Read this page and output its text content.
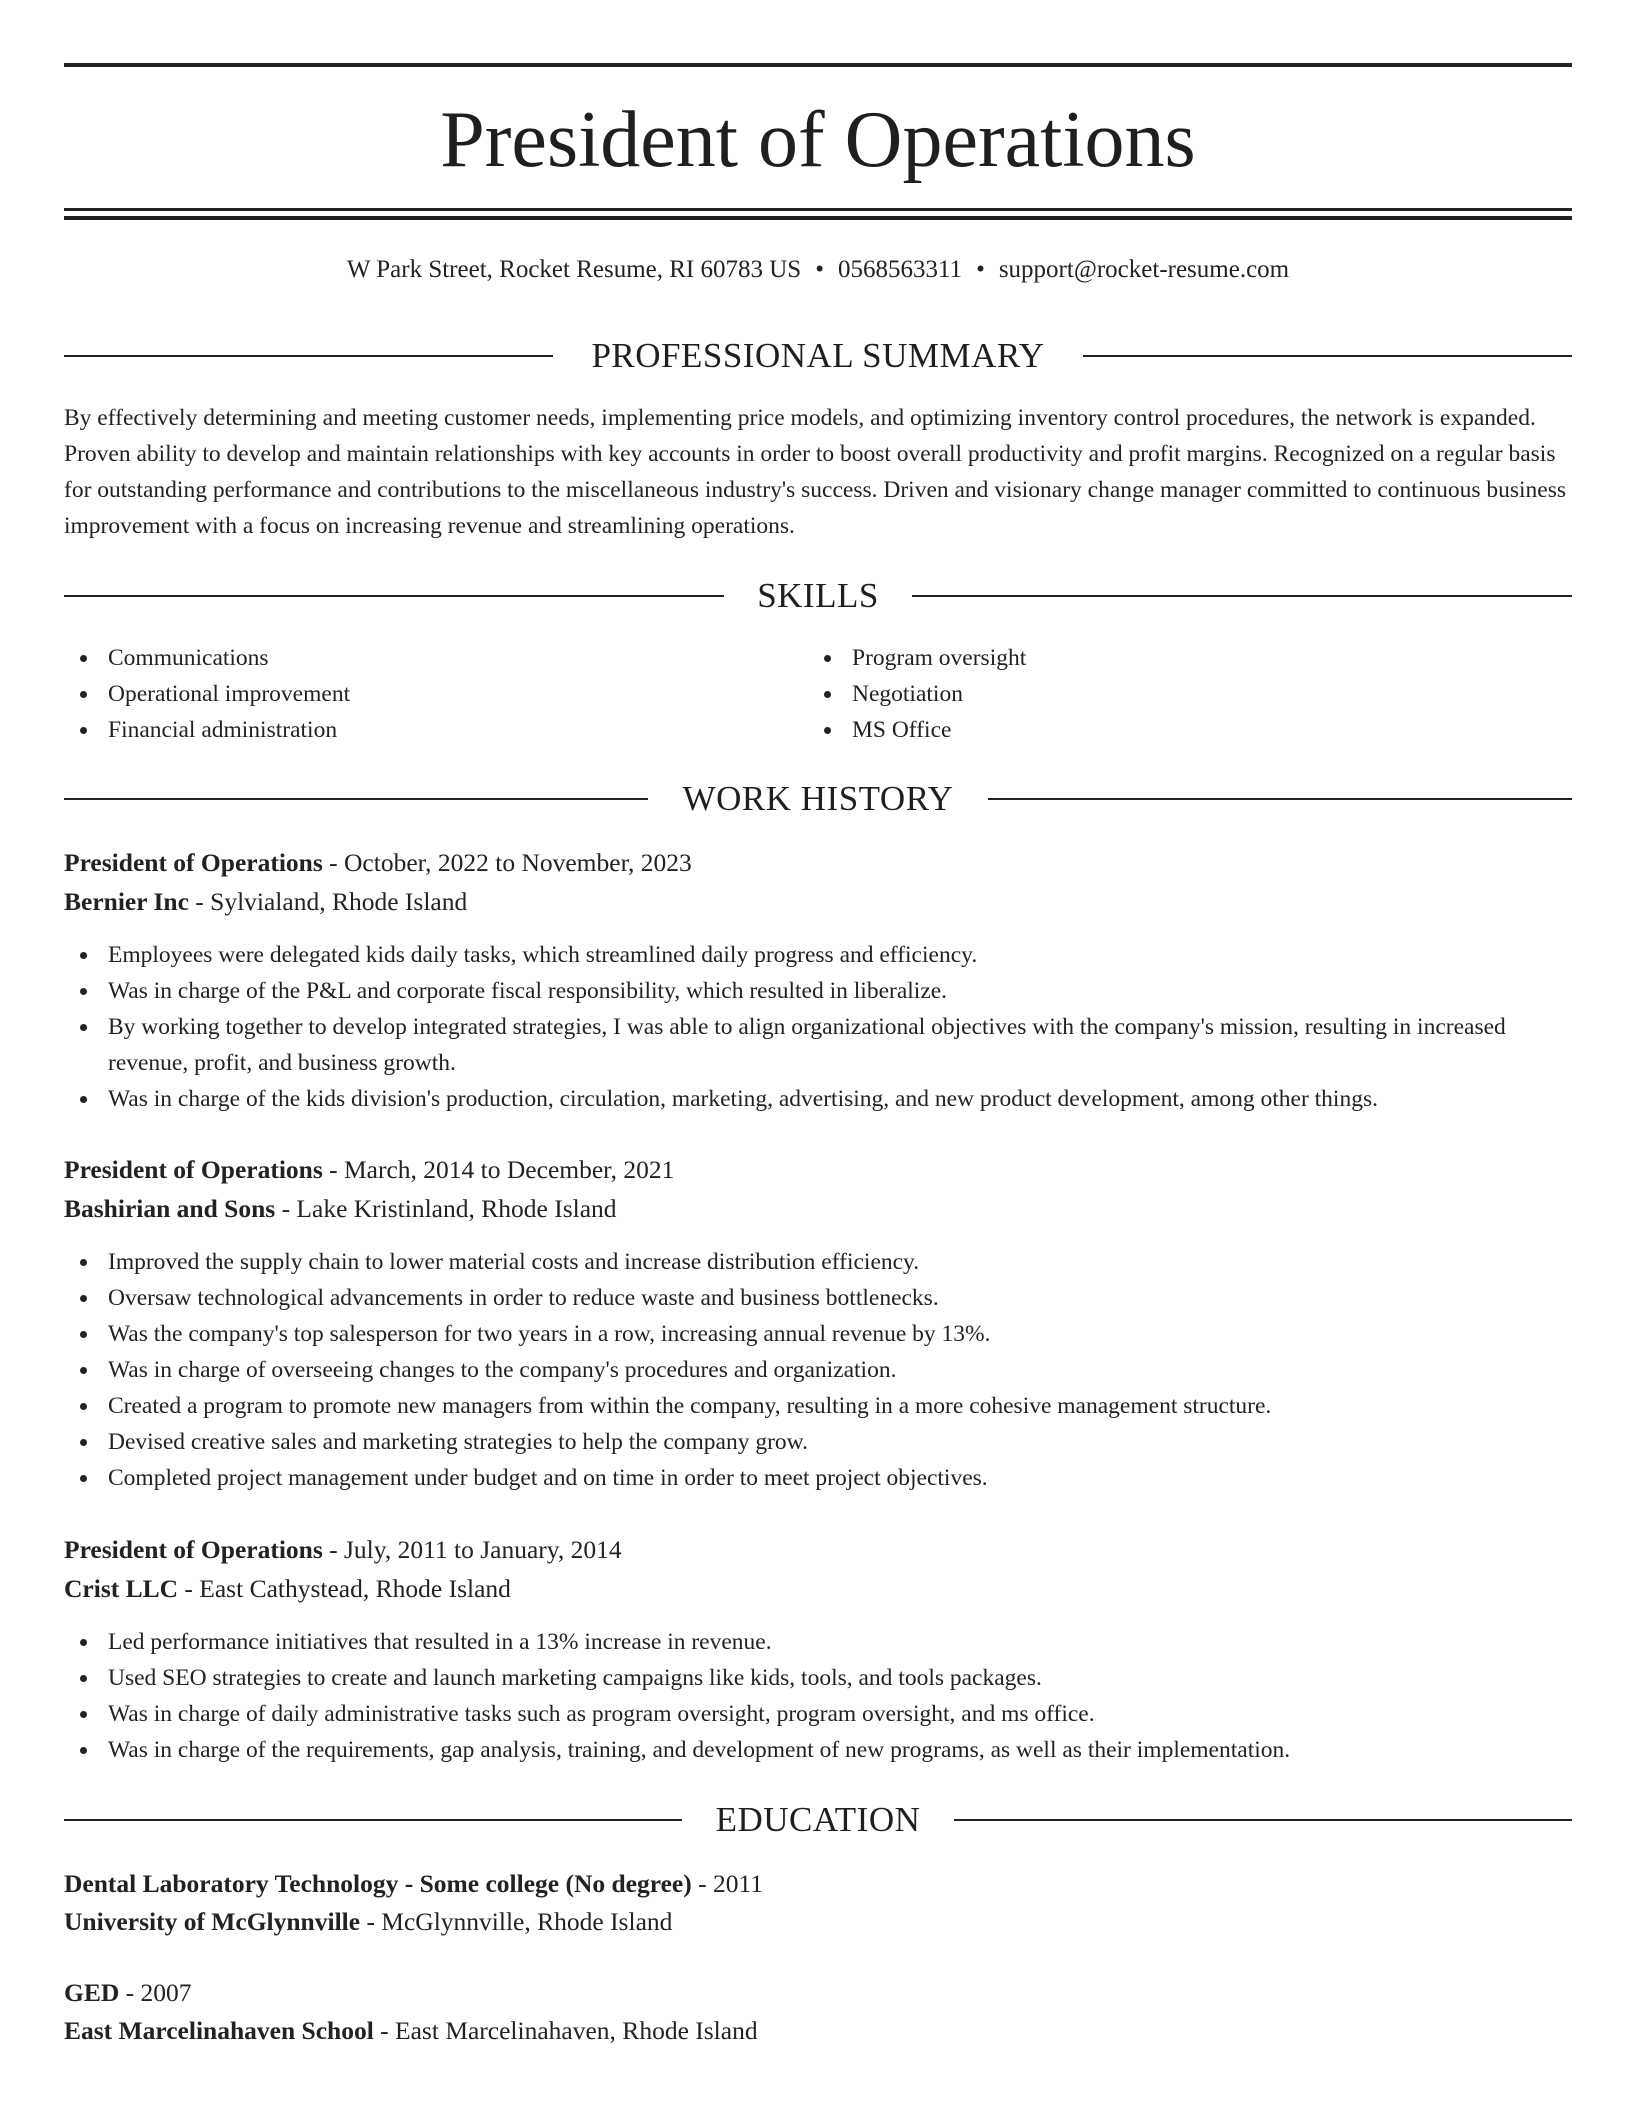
President of Operations
W Park Street, Rocket Resume, RI 60783 US • 0568563311 • support@rocket-resume.com
PROFESSIONAL SUMMARY

By effectively determining and meeting customer needs, implementing price models, and optimizing inventory control procedures, the network is expanded. Proven ability to develop and maintain relationships with key accounts in order to boost overall productivity and profit margins. Recognized on a regular basis for outstanding performance and contributions to the miscellaneous industry's success. Driven and visionary change manager committed to continuous business improvement with a focus on increasing revenue and streamlining operations.

SKILLS
Communications
Operational improvement
Financial administration
Program oversight
Negotiation
MS Office
WORK HISTORY
President of Operations - October, 2022 to November, 2023
Bernier Inc - Sylvialand, Rhode Island
Employees were delegated kids daily tasks, which streamlined daily progress and efficiency.
Was in charge of the P&L and corporate fiscal responsibility, which resulted in liberalize.
By working together to develop integrated strategies, I was able to align organizational objectives with the company's mission, resulting in increased revenue, profit, and business growth.
Was in charge of the kids division's production, circulation, marketing, advertising, and new product development, among other things.
President of Operations - March, 2014 to December, 2021
Bashirian and Sons - Lake Kristinland, Rhode Island
Improved the supply chain to lower material costs and increase distribution efficiency.
Oversaw technological advancements in order to reduce waste and business bottlenecks.
Was the company's top salesperson for two years in a row, increasing annual revenue by 13%.
Was in charge of overseeing changes to the company's procedures and organization.
Created a program to promote new managers from within the company, resulting in a more cohesive management structure.
Devised creative sales and marketing strategies to help the company grow.
Completed project management under budget and on time in order to meet project objectives.
President of Operations - July, 2011 to January, 2014
Crist LLC - East Cathystead, Rhode Island
Led performance initiatives that resulted in a 13% increase in revenue.
Used SEO strategies to create and launch marketing campaigns like kids, tools, and tools packages.
Was in charge of daily administrative tasks such as program oversight, program oversight, and ms office.
Was in charge of the requirements, gap analysis, training, and development of new programs, as well as their implementation.
EDUCATION
Dental Laboratory Technology - Some college (No degree) - 2011
University of McGlynnville - McGlynnville, Rhode Island
GED - 2007
East Marcelinahaven School - East Marcelinahaven, Rhode Island
